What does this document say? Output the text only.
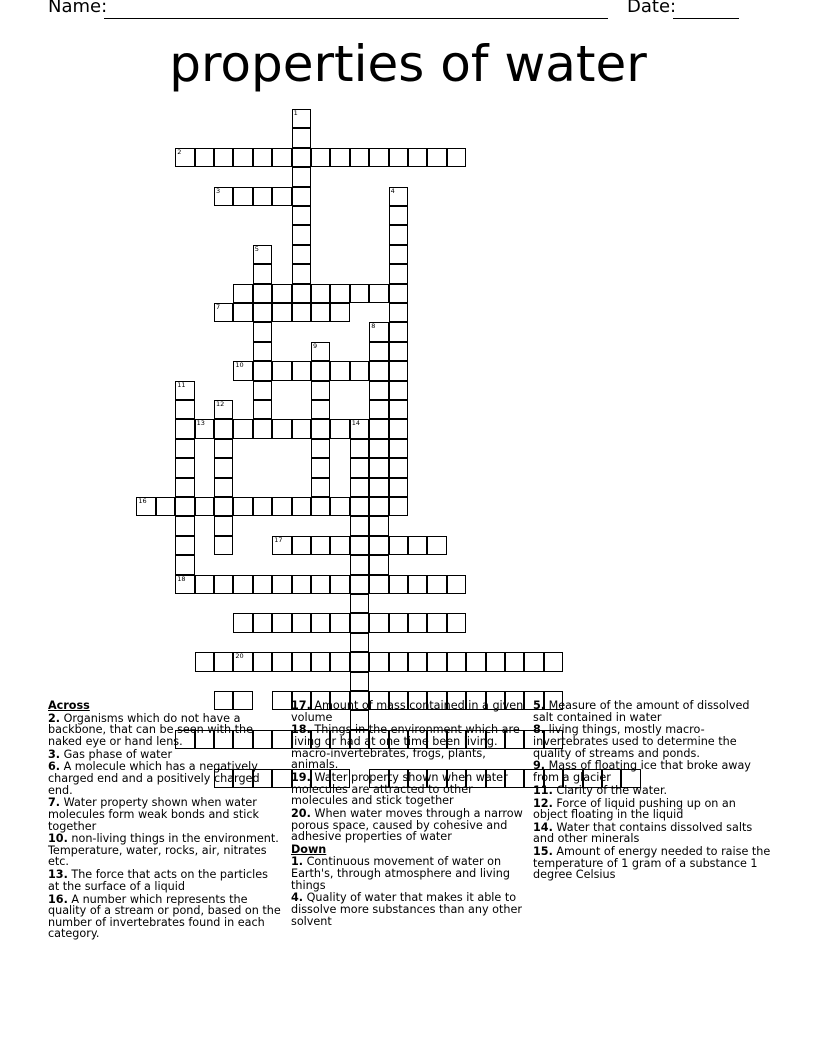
Name:	Date:
properties of water
1
2
3	4
5
7
8
9
10
11
12
13	14
16
17
18
20
Across
2. Organisms which do not have a backbone, that can be seen with the naked eye or hand lens.
3. Gas phase of water
6. A molecule which has a negatively charged end and a positively charged end.
7. Water property shown when water molecules form weak bonds and stick together
10. non-living things in the environment. Temperature, water, rocks, air, nitrates etc.
13. The force that acts on the particles at the surface of a liquid
16. A number which represents the quality of a stream or pond, based on the number of invertebrates found in each category.
17. Amount of mass contained in a given volume
18. Things in the environment which are living or had at one time been living. macro-invertebrates, frogs, plants, animals.
19. Water property shown when water molecules are attracted to other molecules and stick together
20. When water moves through a narrow porous space, caused by cohesive and adhesive properties of water
Down
1. Continuous movement of water on Earth's, through atmosphere and living things
4. Quality of water that makes it able to dissolve more substances than any other solvent
5. Measure of the amount of dissolved salt contained in water
8. living things, mostly macro-invertebrates used to determine the quality of streams and ponds.
9. Mass of floating ice that broke away from a glacier
11. Clarity of the water.
12. Force of liquid pushing up on an object floating in the liquid
14. Water that contains dissolved salts and other minerals
15. Amount of energy needed to raise the temperature of 1 gram of a substance 1 degree Celsius
